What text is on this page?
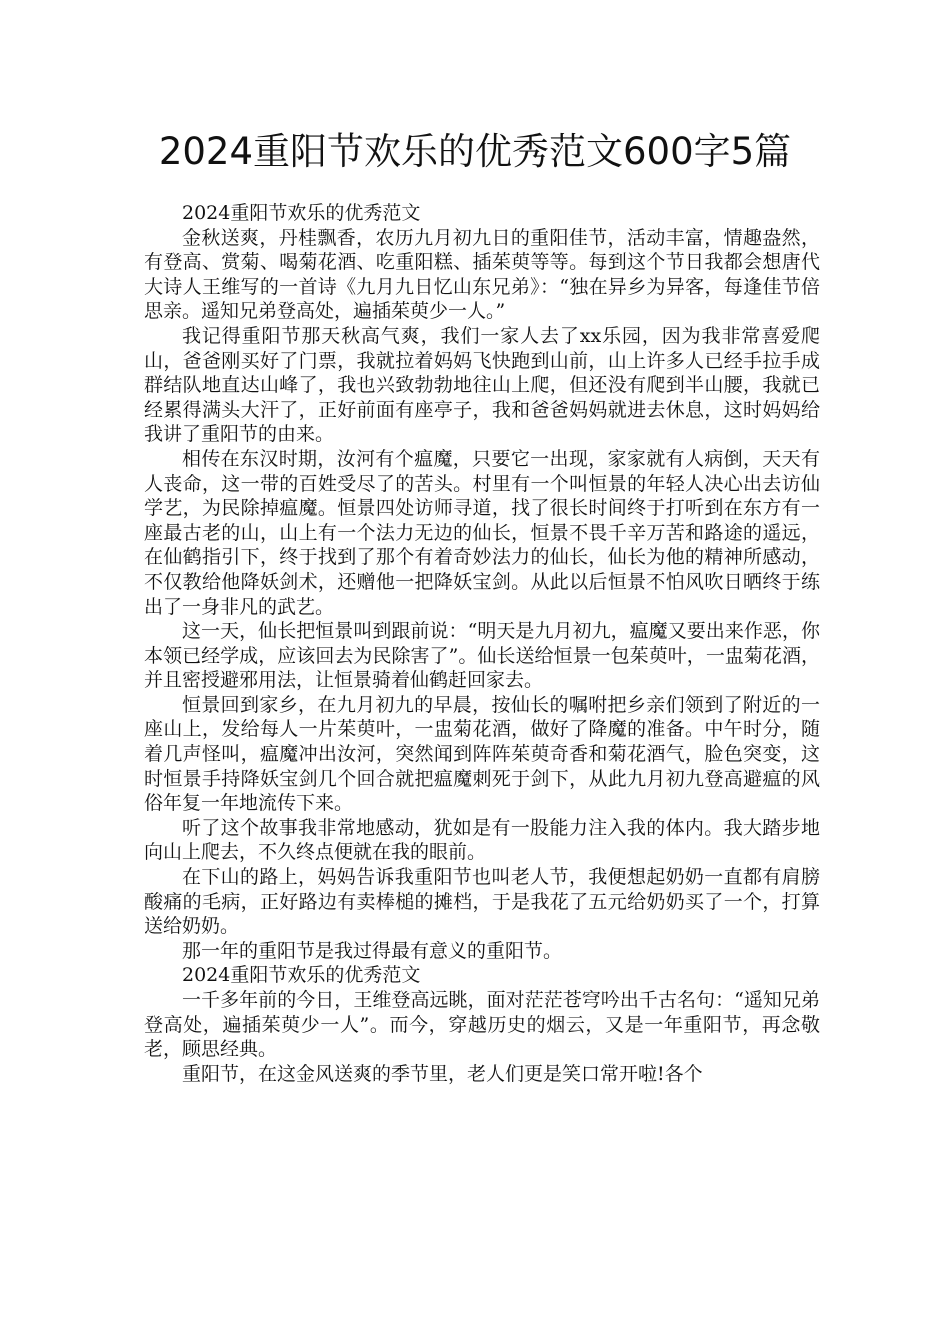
2024重阳节欢乐的优秀范文600字5篇

2024重阳节欢乐的优秀范文

金秋送爽，丹桂飘香，农历九月初九日的重阳佳节，活动丰富，情趣盎然，有登高、赏菊、喝菊花酒、吃重阳糕、插茱萸等等。每到这个节日我都会想唐代大诗人王维写的一首诗《九月九日忆山东兄弟》：“独在异乡为异客，每逢佳节倍思亲。遥知兄弟登高处，遍插茱萸少一人。”

我记得重阳节那天秋高气爽，我们一家人去了xx乐园，因为我非常喜爱爬山，爸爸刚买好了门票，我就拉着妈妈飞快跑到山前，山上许多人已经手拉手成群结队地直达山峰了，我也兴致勃勃地往山上爬，但还没有爬到半山腰，我就已经累得满头大汗了，正好前面有座亭子，我和爸爸妈妈就进去休息，这时妈妈给我讲了重阳节的由来。

相传在东汉时期，汝河有个瘟魔，只要它一出现，家家就有人病倒，天天有人丧命，这一带的百姓受尽了的苦头。村里有一个叫恒景的年轻人决心出去访仙学艺，为民除掉瘟魔。恒景四处访师寻道，找了很长时间终于打听到在东方有一座最古老的山，山上有一个法力无边的仙长，恒景不畏千辛万苦和路途的遥远，在仙鹤指引下，终于找到了那个有着奇妙法力的仙长，仙长为他的精神所感动，不仅教给他降妖剑术，还赠他一把降妖宝剑。从此以后恒景不怕风吹日晒终于练出了一身非凡的武艺。

这一天，仙长把恒景叫到跟前说：“明天是九月初九，瘟魔又要出来作恶，你本领已经学成，应该回去为民除害了”。仙长送给恒景一包茱萸叶，一盅菊花酒，并且密授避邪用法，让恒景骑着仙鹤赶回家去。

恒景回到家乡，在九月初九的早晨，按仙长的嘱咐把乡亲们领到了附近的一座山上，发给每人一片茱萸叶，一盅菊花酒，做好了降魔的准备。中午时分，随着几声怪叫，瘟魔冲出汝河，突然闻到阵阵茱萸奇香和菊花酒气，脸色突变，这时恒景手持降妖宝剑几个回合就把瘟魔刺死于剑下，从此九月初九登高避瘟的风俗年复一年地流传下来。

听了这个故事我非常地感动，犹如是有一股能力注入我的体内。我大踏步地向山上爬去，不久终点便就在我的眼前。

在下山的路上，妈妈告诉我重阳节也叫老人节，我便想起奶奶一直都有肩膀酸痛的毛病，正好路边有卖棒槌的摊档，于是我花了五元给奶奶买了一个，打算送给奶奶。

那一年的重阳节是我过得最有意义的重阳节。

2024重阳节欢乐的优秀范文

一千多年前的今日，王维登高远眺，面对茫茫苍穹吟出千古名句：“遥知兄弟登高处，遍插茱萸少一人”。而今，穿越历史的烟云，又是一年重阳节，再念敬老，顾思经典。

重阳节，在这金风送爽的季节里，老人们更是笑口常开啦!各个
